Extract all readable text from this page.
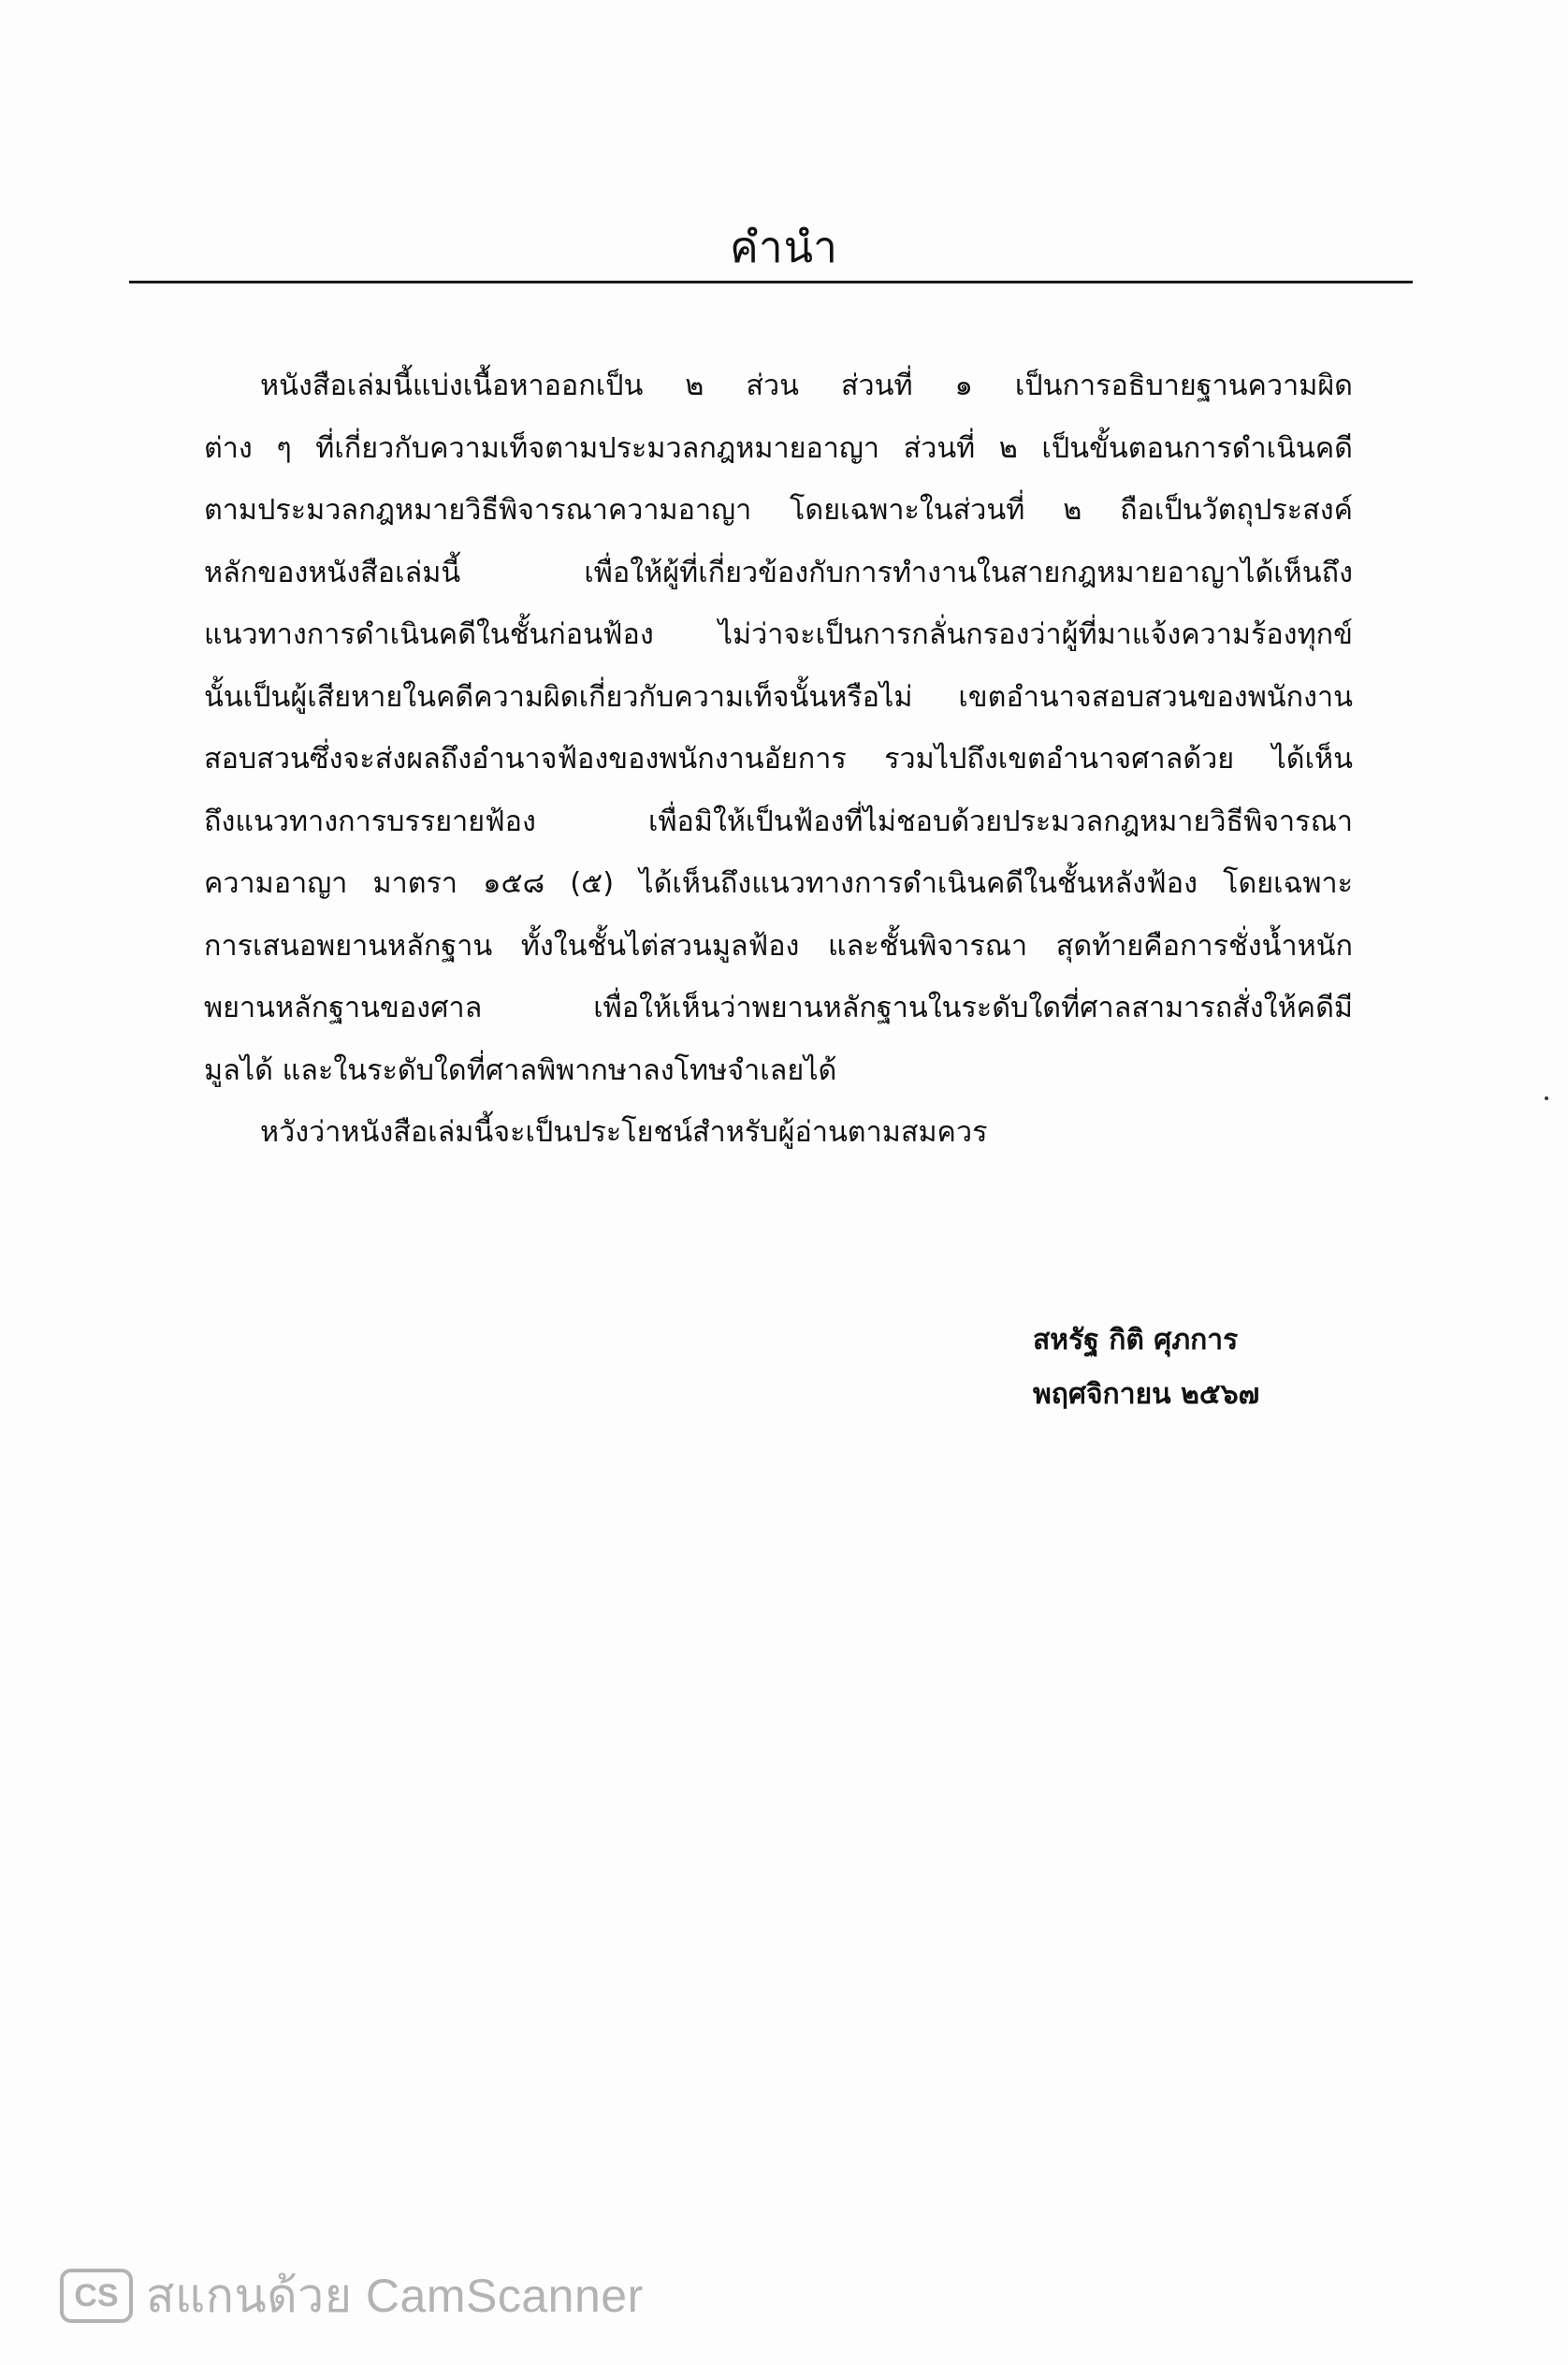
คำนำ
หนังสือเล่มนี้แบ่งเนื้อหาออกเป็น ๒ ส่วน ส่วนที่ ๑ เป็นการอธิบายฐานความผิด
ต่าง ๆ ที่เกี่ยวกับความเท็จตามประมวลกฎหมายอาญา ส่วนที่ ๒ เป็นขั้นตอนการดำเนินคดี
ตามประมวลกฎหมายวิธีพิจารณาความอาญา โดยเฉพาะในส่วนที่ ๒ ถือเป็นวัตถุประสงค์
หลักของหนังสือเล่มนี้ เพื่อให้ผู้ที่เกี่ยวข้องกับการทำงานในสายกฎหมายอาญาได้เห็นถึง
แนวทางการดำเนินคดีในชั้นก่อนฟ้อง ไม่ว่าจะเป็นการกลั่นกรองว่าผู้ที่มาแจ้งความร้องทุกข์
นั้นเป็นผู้เสียหายในคดีความผิดเกี่ยวกับความเท็จนั้นหรือไม่ เขตอำนาจสอบสวนของพนักงาน
สอบสวนซึ่งจะส่งผลถึงอำนาจฟ้องของพนักงานอัยการ รวมไปถึงเขตอำนาจศาลด้วย ได้เห็น
ถึงแนวทางการบรรยายฟ้อง เพื่อมิให้เป็นฟ้องที่ไม่ชอบด้วยประมวลกฎหมายวิธีพิจารณา
ความอาญา มาตรา ๑๕๘ (๕) ได้เห็นถึงแนวทางการดำเนินคดีในชั้นหลังฟ้อง โดยเฉพาะ
การเสนอพยานหลักฐาน ทั้งในชั้นไต่สวนมูลฟ้อง และชั้นพิจารณา สุดท้ายคือการชั่งน้ำหนัก
พยานหลักฐานของศาล เพื่อให้เห็นว่าพยานหลักฐานในระดับใดที่ศาลสามารถสั่งให้คดีมี
มูลได้ และในระดับใดที่ศาลพิพากษาลงโทษจำเลยได้
หวังว่าหนังสือเล่มนี้จะเป็นประโยชน์สำหรับผู้อ่านตามสมควร
สหรัฐ กิติ ศุภการ
พฤศจิกายน ๒๕๖๗
CS สแกนด้วย CamScanner
